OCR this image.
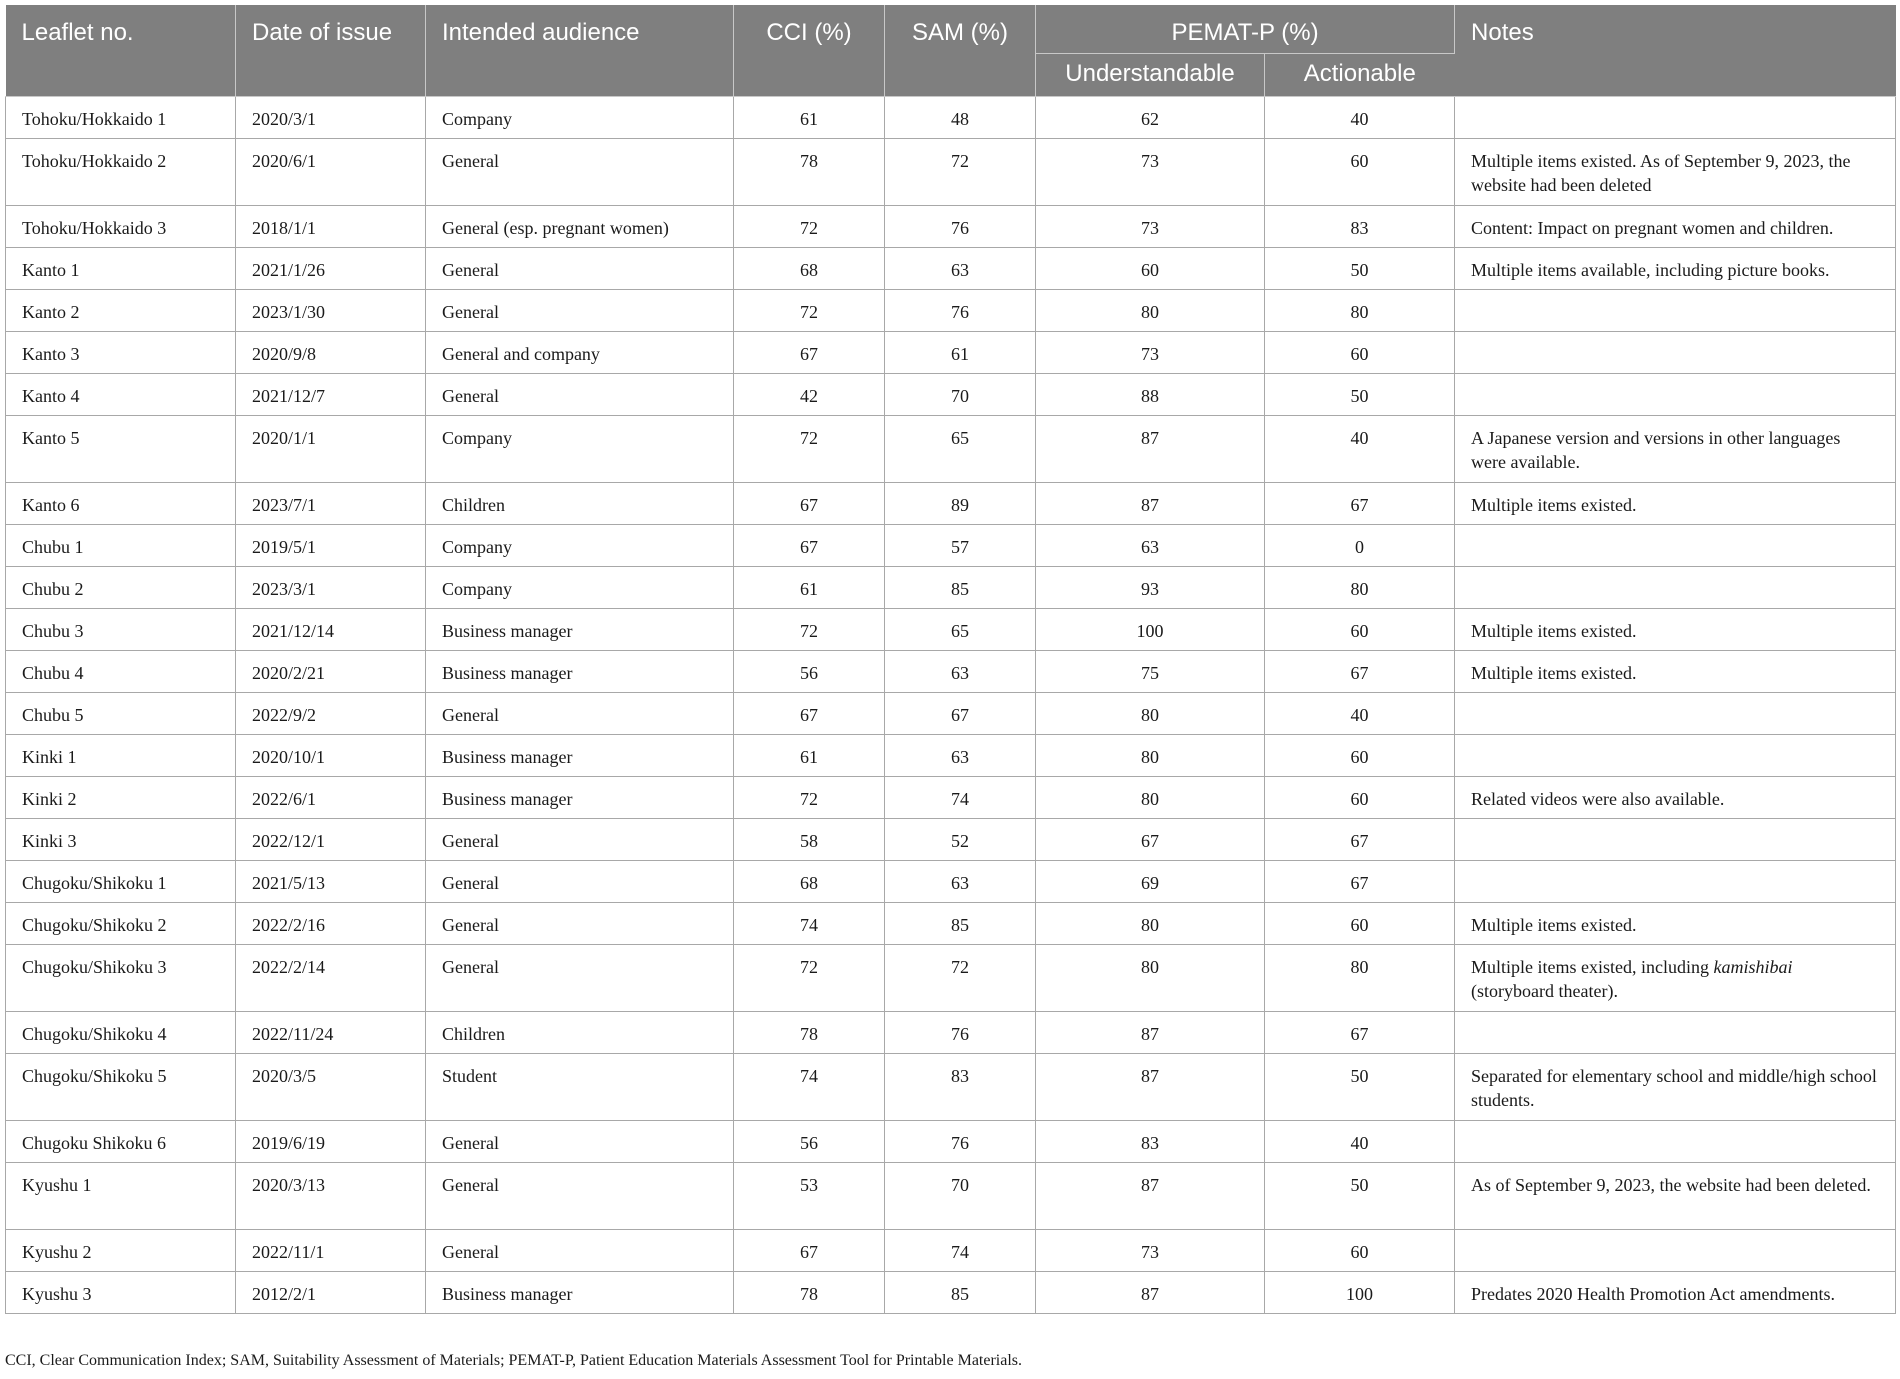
Leaflet no.	Date of issue	Intended audience	CCI (%)	SAM (%)	PEMAT-P (%)		Notes
					Understandable	Actionable	
Tohoku/Hokkaido 1	2020/3/1	Company	61	48	62	40	
Tohoku/Hokkaido 2	2020/6/1	General	78	72	73	60	Multiple items existed. As of September 9, 2023, the website had been deleted
Tohoku/Hokkaido 3	2018/1/1	General (esp. pregnant women)	72	76	73	83	Content: Impact on pregnant women and children.
Kanto 1	2021/1/26	General	68	63	60	50	Multiple items available, including picture books.
Kanto 2	2023/1/30	General	72	76	80	80	
Kanto 3	2020/9/8	General and company	67	61	73	60	
Kanto 4	2021/12/7	General	42	70	88	50	
Kanto 5	2020/1/1	Company	72	65	87	40	A Japanese version and versions in other languages were available.
Kanto 6	2023/7/1	Children	67	89	87	67	Multiple items existed.
Chubu 1	2019/5/1	Company	67	57	63	0	
Chubu 2	2023/3/1	Company	61	85	93	80	
Chubu 3	2021/12/14	Business manager	72	65	100	60	Multiple items existed.
Chubu 4	2020/2/21	Business manager	56	63	75	67	Multiple items existed.
Chubu 5	2022/9/2	General	67	67	80	40	
Kinki 1	2020/10/1	Business manager	61	63	80	60	
Kinki 2	2022/6/1	Business manager	72	74	80	60	Related videos were also available.
Kinki 3	2022/12/1	General	58	52	67	67	
Chugoku/Shikoku 1	2021/5/13	General	68	63	69	67	
Chugoku/Shikoku 2	2022/2/16	General	74	85	80	60	Multiple items existed.
Chugoku/Shikoku 3	2022/2/14	General	72	72	80	80	Multiple items existed, including kamishibai (storyboard theater).
Chugoku/Shikoku 4	2022/11/24	Children	78	76	87	67	
Chugoku/Shikoku 5	2020/3/5	Student	74	83	87	50	Separated for elementary school and middle/high school students.
Chugoku Shikoku 6	2019/6/19	General	56	76	83	40	
Kyushu 1	2020/3/13	General	53	70	87	50	As of September 9, 2023, the website had been deleted.
Kyushu 2	2022/11/1	General	67	74	73	60	
Kyushu 3	2012/2/1	Business manager	78	85	87	100	Predates 2020 Health Promotion Act amendments.
CCI, Clear Communication Index; SAM, Suitability Assessment of Materials; PEMAT-P, Patient Education Materials Assessment Tool for Printable Materials.
